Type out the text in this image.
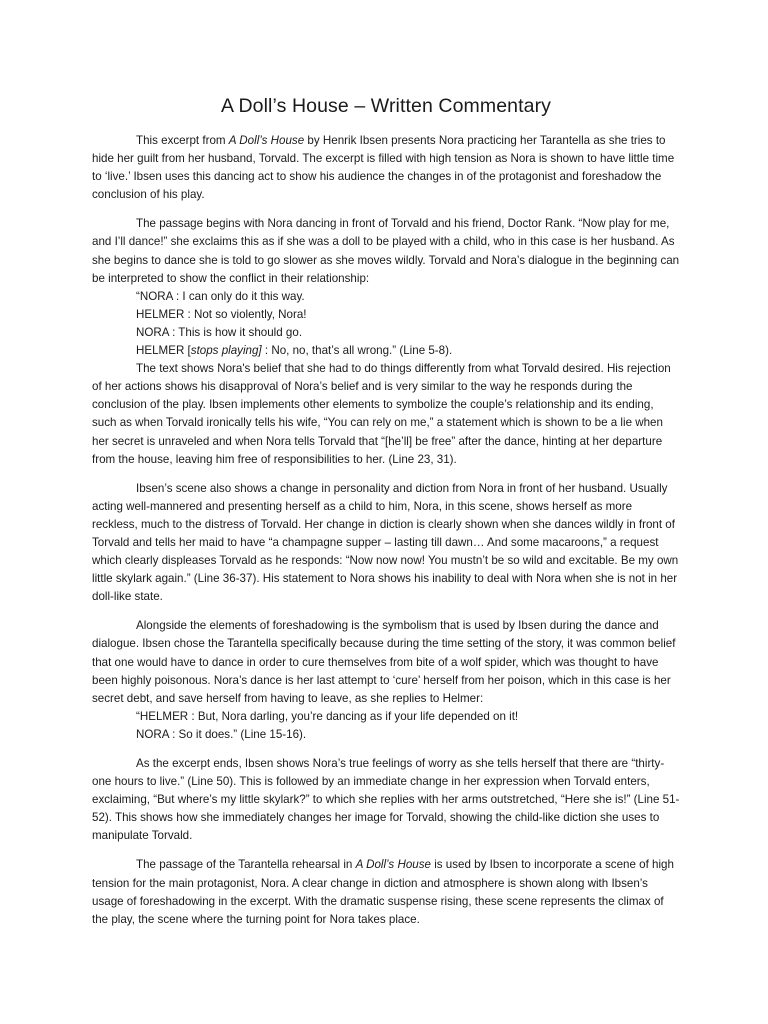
A Doll’s House – Written Commentary

This excerpt from A Doll’s House by Henrik Ibsen presents Nora practicing her Tarantella as she tries to hide her guilt from her husband, Torvald. The excerpt is filled with high tension as Nora is shown to have little time to ‘live.’ Ibsen uses this dancing act to show his audience the changes in of the protagonist and foreshadow the conclusion of his play.

The passage begins with Nora dancing in front of Torvald and his friend, Doctor Rank. “Now play for me, and I’ll dance!” she exclaims this as if she was a doll to be played with a child, who in this case is her husband. As she begins to dance she is told to go slower as she moves wildly. Torvald and Nora’s dialogue in the beginning can be interpreted to show the conflict in their relationship:

“NORA : I can only do it this way.

HELMER : Not so violently, Nora!

NORA : This is how it should go.

HELMER [stops playing] : No, no, that’s all wrong.” (Line 5-8).

The text shows Nora's belief that she had to do things differently from what Torvald desired. His rejection of her actions shows his disapproval of Nora’s belief and is very similar to the way he responds during the conclusion of the play. Ibsen implements other elements to symbolize the couple’s relationship and its ending, such as when Torvald ironically tells his wife, “You can rely on me,” a statement which is shown to be a lie when her secret is unraveled and when Nora tells Torvald that “[he’ll] be free” after the dance, hinting at her departure from the house, leaving him free of responsibilities to her. (Line 23, 31).

Ibsen’s scene also shows a change in personality and diction from Nora in front of her husband. Usually acting well-mannered and presenting herself as a child to him, Nora, in this scene, shows herself as more reckless, much to the distress of Torvald. Her change in diction is clearly shown when she dances wildly in front of Torvald and tells her maid to have “a champagne supper – lasting till dawn… And some macaroons,” a request which clearly displeases Torvald as he responds: “Now now now! You mustn’t be so wild and excitable. Be my own little skylark again.” (Line 36-37). His statement to Nora shows his inability to deal with Nora when she is not in her doll-like state.

Alongside the elements of foreshadowing is the symbolism that is used by Ibsen during the dance and dialogue. Ibsen chose the Tarantella specifically because during the time setting of the story, it was common belief that one would have to dance in order to cure themselves from bite of a wolf spider, which was thought to have been highly poisonous. Nora’s dance is her last attempt to ‘cure’ herself from her poison, which in this case is her secret debt, and save herself from having to leave, as she replies to Helmer:

“HELMER : But, Nora darling, you’re dancing as if your life depended on it!

NORA : So it does.” (Line 15-16).

As the excerpt ends, Ibsen shows Nora’s true feelings of worry as she tells herself that there are “thirty-one hours to live.” (Line 50). This is followed by an immediate change in her expression when Torvald enters, exclaiming, “But where’s my little skylark?” to which she replies with her arms outstretched, “Here she is!” (Line 51-52). This shows how she immediately changes her image for Torvald, showing the child-like diction she uses to manipulate Torvald.

The passage of the Tarantella rehearsal in A Doll’s House is used by Ibsen to incorporate a scene of high tension for the main protagonist, Nora. A clear change in diction and atmosphere is shown along with Ibsen’s usage of foreshadowing in the excerpt. With the dramatic suspense rising, these scene represents the climax of the play, the scene where the turning point for Nora takes place.
